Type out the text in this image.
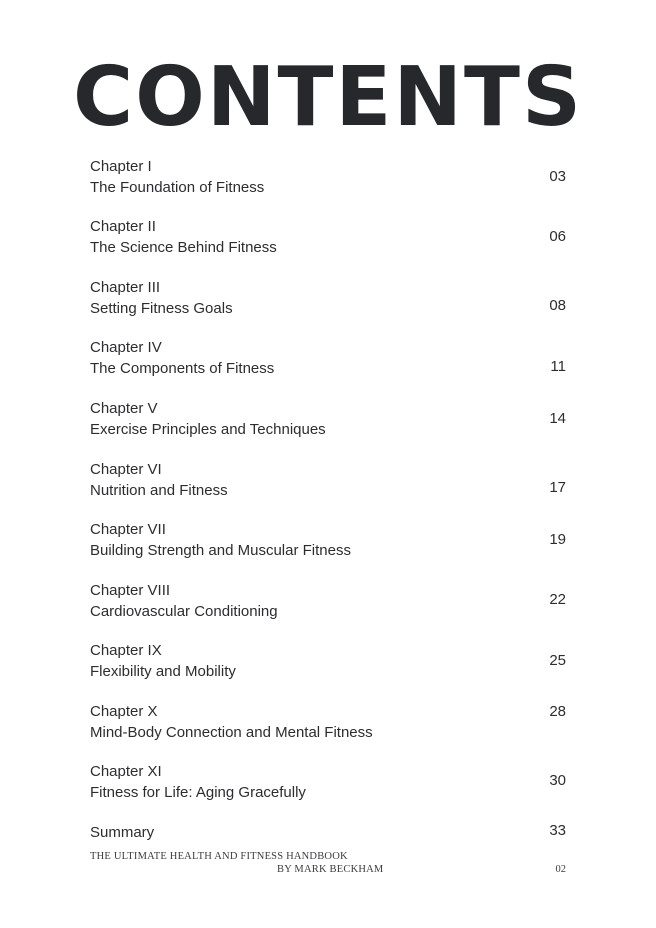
CONTENTS
Chapter I
The Foundation of Fitness
03
Chapter II
The Science Behind Fitness
06
Chapter III
Setting Fitness Goals	08
Chapter IV
The Components of Fitness	11
Chapter V
Exercise Principles and Techniques
14
Chapter VI
Nutrition and Fitness	17
Chapter VII
Building Strength and Muscular Fitness
19
Chapter VIII
Cardiovascular Conditioning
22
Chapter IX
Flexibility and Mobility
25
Chapter X
Mind-Body Connection and Mental Fitness
28
Chapter XI
Fitness for Life: Aging Gracefully
30
Summary	33
THE ULTIMATE HEALTH AND FITNESS HANDBOOK
BY MARK BECKHAM	02
